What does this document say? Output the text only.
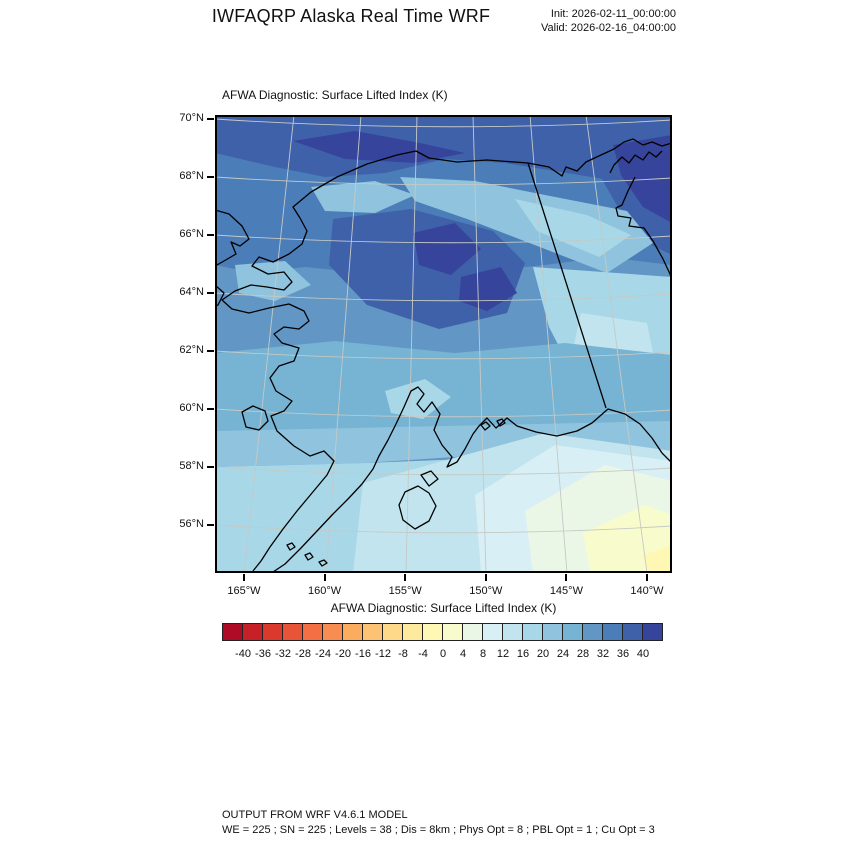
IWFAQRP Alaska Real Time WRF	Init: 2026-02-11_00:00:00
Valid: 2026-02-16_04:00:00
AFWA Diagnostic: Surface Lifted Index (K)
70°N
68°N
66°N
64°N
62°N
60°N
58°N
56°N
165°W	160°W	155°W	150°W	145°W	140°W
AFWA Diagnostic: Surface Lifted Index (K)
-40 -36 -32 -28 -24 -20 -16 -12 -8 -4	0	4	8 12 16 20 24 28 32 36 40
OUTPUT FROM WRF V4.6.1 MODEL
WE = 225 ; SN = 225 ; Levels = 38 ; Dis = 8km ; Phys Opt = 8 ; PBL Opt = 1 ; Cu Opt = 3
